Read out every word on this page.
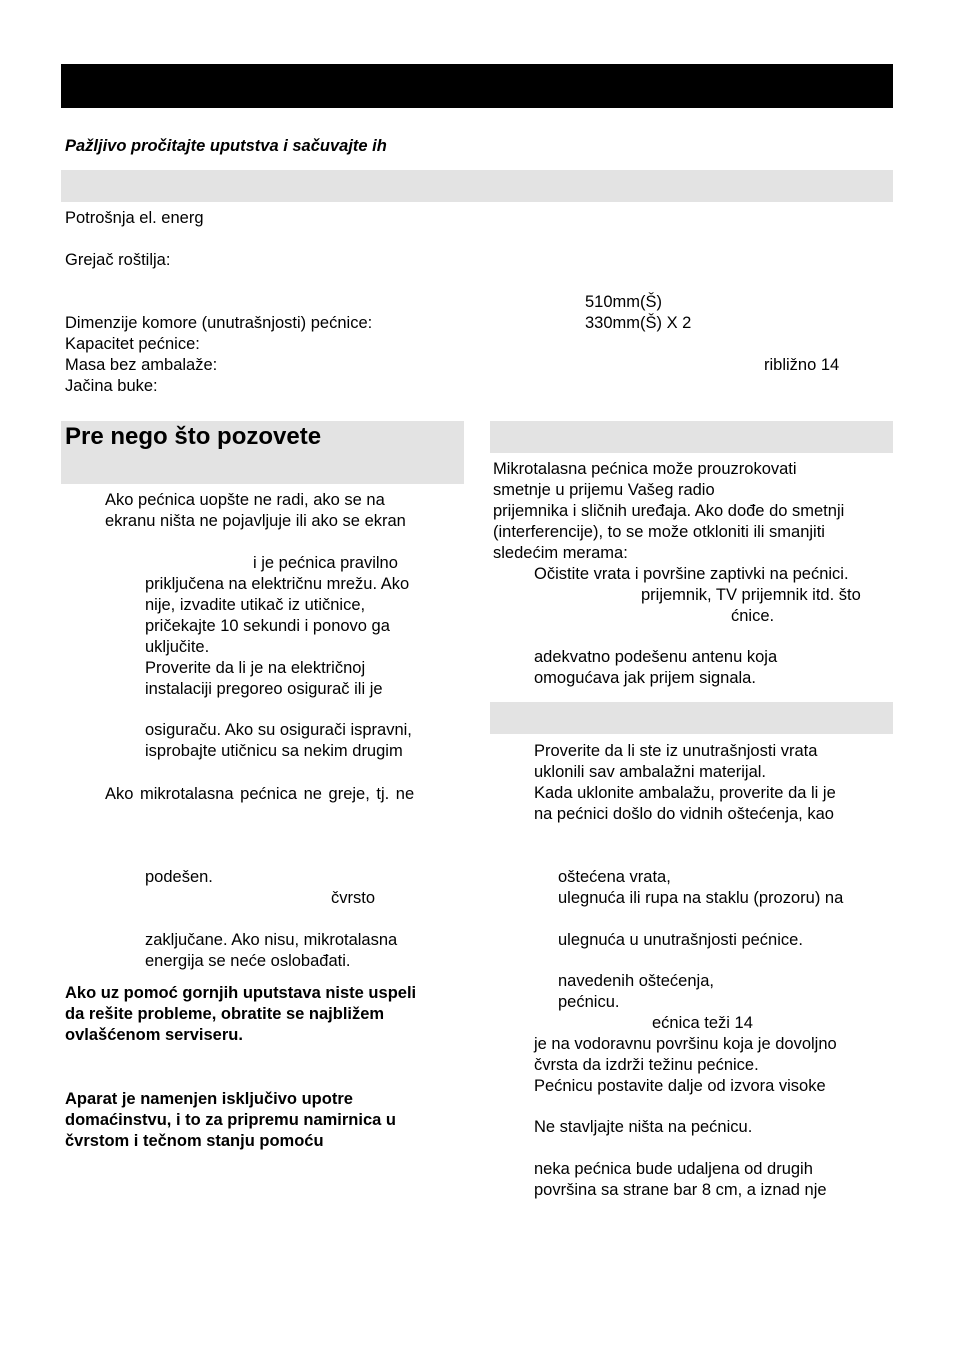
Pažljivo pročitajte uputstva i sačuvajte ih
Potrošnja el. energ
Grejač roštilja:
510mm(Š)
Dimenzije komore (unutrašnjosti) pećnice:	330mm(Š) X 2
Kapacitet pećnice:
Masa bez ambalaže:	ribližno 14
Jačina buke:
Pre nego što pozovete
Ako pećnica uopšte ne radi, ako se na
ekranu ništa ne pojavljuje ili ako se ekran
i je pećnica pravilno
priključena na električnu mrežu. Ako
nije, izvadite utikač iz utičnice,
pričekajte 10 sekundi i ponovo ga
uključite.
Proverite da li je na električnoj
instalaciji pregoreo osigurač ili je
osiguraču. Ako su osigurači ispravni,
isprobajte utičnicu sa nekim drugim
Ako mikrotalasna pećnica ne greje, tj. ne
podešen.
čvrsto
zaključane. Ako nisu, mikrotalasna
energija se neće oslobađati.
Ako uz pomoć gornjih uputstava niste uspeli
da rešite probleme, obratite se najbližem
ovlašćenom serviseru.
Aparat je namenjen isključivo upotre
domaćinstvu, i to za pripremu namirnica u
čvrstom i tečnom stanju pomoću
Mikrotalasna pećnica može prouzrokovati
smetnje u prijemu Vašeg radio
prijemnika i sličnih uređaja. Ako dođe do smetnji
(interferencije), to se može otkloniti ili smanjiti
sledećim merama:
Očistite vrata i površine zaptivki na pećnici.
prijemnik, TV prijemnik itd. što
ćnice.
adekvatno podešenu antenu koja
omogućava jak prijem signala.
Proverite da li ste iz unutrašnjosti vrata
uklonili sav ambalažni materijal.
Kada uklonite ambalažu, proverite da li je
na pećnici došlo do vidnih oštećenja, kao
oštećena vrata,
ulegnuća ili rupa na staklu (prozoru) na
ulegnuća u unutrašnjosti pećnice.
navedenih oštećenja,
pećnicu.
ećnica teži 14
je na vodoravnu površinu koja je dovoljno
čvrsta da izdrži težinu pećnice.
Pećnicu postavite dalje od izvora visoke
Ne stavljajte ništa na pećnicu.
neka pećnica bude udaljena od drugih
površina sa strane bar 8 cm, a iznad nje
